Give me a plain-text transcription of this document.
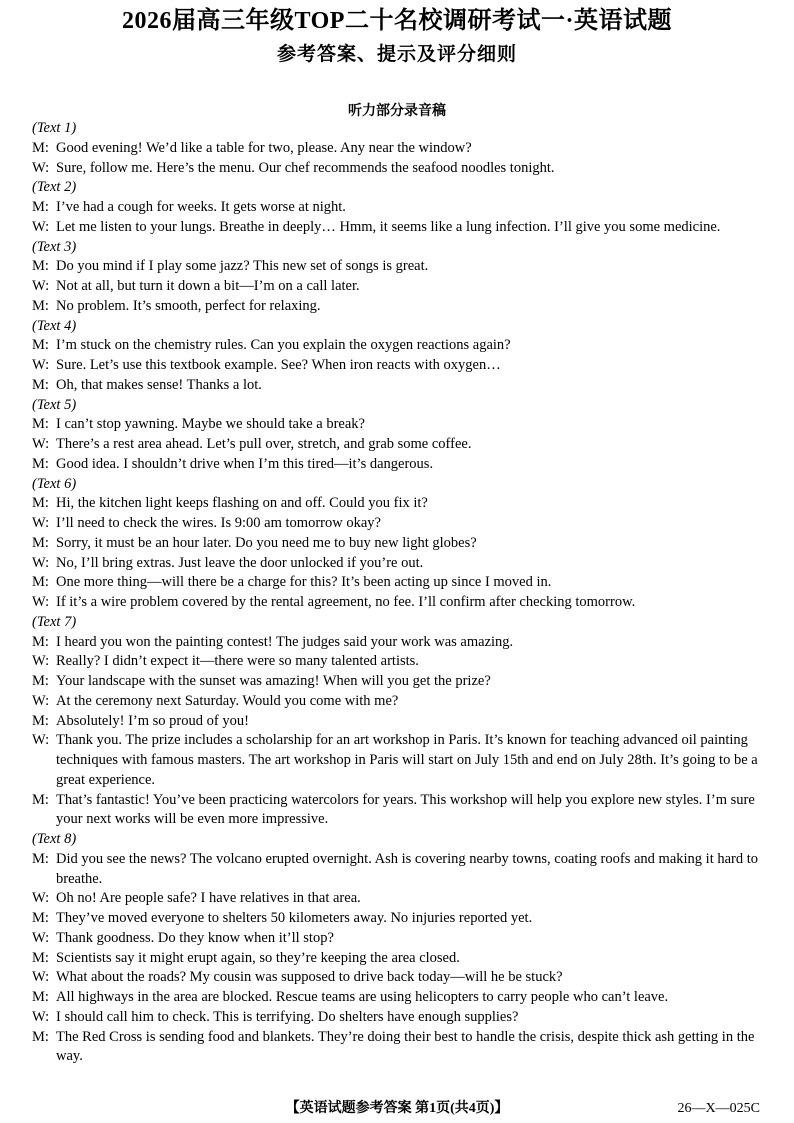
2026届高三年级TOP二十名校调研考试一·英语试题
参考答案、提示及评分细则
听力部分录音稿
(Text 1)
M: Good evening! We’d like a table for two, please. Any near the window?
W: Sure, follow me. Here’s the menu. Our chef recommends the seafood noodles tonight.
(Text 2)
M: I’ve had a cough for weeks. It gets worse at night.
W: Let me listen to your lungs. Breathe in deeply… Hmm, it seems like a lung infection. I’ll give you some medicine.
(Text 3)
M: Do you mind if I play some jazz? This new set of songs is great.
W: Not at all, but turn it down a bit—I’m on a call later.
M: No problem. It’s smooth, perfect for relaxing.
(Text 4)
M: I’m stuck on the chemistry rules. Can you explain the oxygen reactions again?
W: Sure. Let’s use this textbook example. See? When iron reacts with oxygen…
M: Oh, that makes sense! Thanks a lot.
(Text 5)
M: I can’t stop yawning. Maybe we should take a break?
W: There’s a rest area ahead. Let’s pull over, stretch, and grab some coffee.
M: Good idea. I shouldn’t drive when I’m this tired—it’s dangerous.
(Text 6)
M: Hi, the kitchen light keeps flashing on and off. Could you fix it?
W: I’ll need to check the wires. Is 9:00 am tomorrow okay?
M: Sorry, it must be an hour later. Do you need me to buy new light globes?
W: No, I’ll bring extras. Just leave the door unlocked if you’re out.
M: One more thing—will there be a charge for this? It’s been acting up since I moved in.
W: If it’s a wire problem covered by the rental agreement, no fee. I’ll confirm after checking tomorrow.
(Text 7)
M: I heard you won the painting contest! The judges said your work was amazing.
W: Really? I didn’t expect it—there were so many talented artists.
M: Your landscape with the sunset was amazing! When will you get the prize?
W: At the ceremony next Saturday. Would you come with me?
M: Absolutely! I’m so proud of you!
W: Thank you. The prize includes a scholarship for an art workshop in Paris. It’s known for teaching advanced oil painting techniques with famous masters. The art workshop in Paris will start on July 15th and end on July 28th. It’s going to be a great experience.
M: That’s fantastic! You’ve been practicing watercolors for years. This workshop will help you explore new styles. I’m sure your next works will be even more impressive.
(Text 8)
M: Did you see the news? The volcano erupted overnight. Ash is covering nearby towns, coating roofs and making it hard to breathe.
W: Oh no! Are people safe? I have relatives in that area.
M: They’ve moved everyone to shelters 50 kilometers away. No injuries reported yet.
W: Thank goodness. Do they know when it’ll stop?
M: Scientists say it might erupt again, so they’re keeping the area closed.
W: What about the roads? My cousin was supposed to drive back today—will he be stuck?
M: All highways in the area are blocked. Rescue teams are using helicopters to carry people who can’t leave.
W: I should call him to check. This is terrifying. Do shelters have enough supplies?
M: The Red Cross is sending food and blankets. They’re doing their best to handle the crisis, despite thick ash getting in the way.
【英语试题参考答案 第1页(共4页)】	26—X—025C
